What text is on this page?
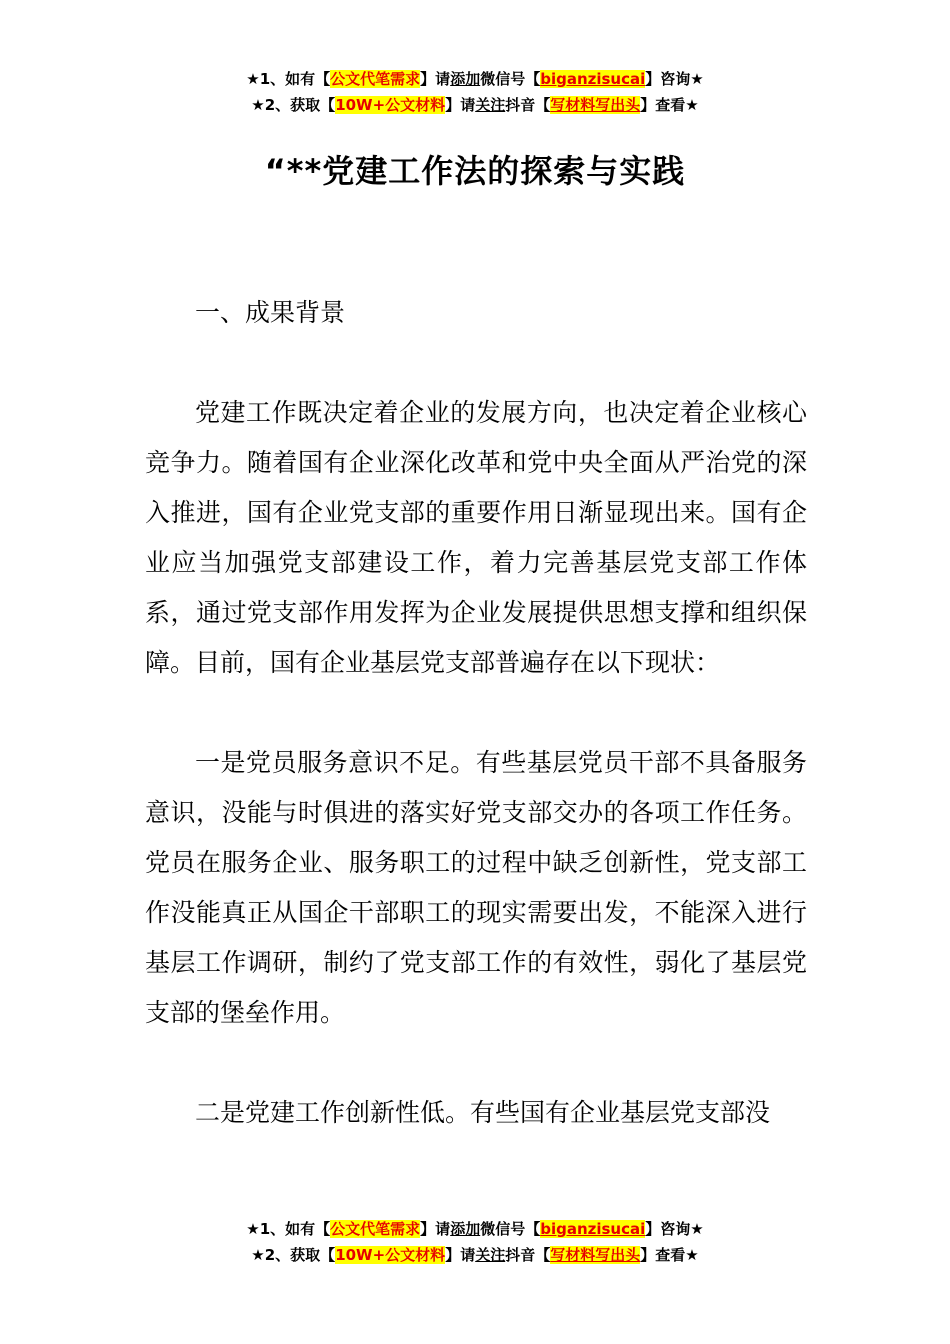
★1、如有【公文代笔需求】请添加微信号【biganzisucai】咨询★
★2、获取【10W+公文材料】请关注抖音【写材料写出头】查看★
“**党建工作法的探索与实践

一、成果背景

党建工作既决定着企业的发展方向，也决定着企业核心竞争力。随着国有企业深化改革和党中央全面从严治党的深入推进，国有企业党支部的重要作用日渐显现出来。国有企业应当加强党支部建设工作，着力完善基层党支部工作体系，通过党支部作用发挥为企业发展提供思想支撑和组织保障。目前，国有企业基层党支部普遍存在以下现状：

一是党员服务意识不足。有些基层党员干部不具备服务意识，没能与时俱进的落实好党支部交办的各项工作任务。党员在服务企业、服务职工的过程中缺乏创新性，党支部工作没能真正从国企干部职工的现实需要出发，不能深入进行基层工作调研，制约了党支部工作的有效性，弱化了基层党支部的堡垒作用。

二是党建工作创新性低。有些国有企业基层党支部没

★1、如有【公文代笔需求】请添加微信号【biganzisucai】咨询★
★2、获取【10W+公文材料】请关注抖音【写材料写出头】查看★
